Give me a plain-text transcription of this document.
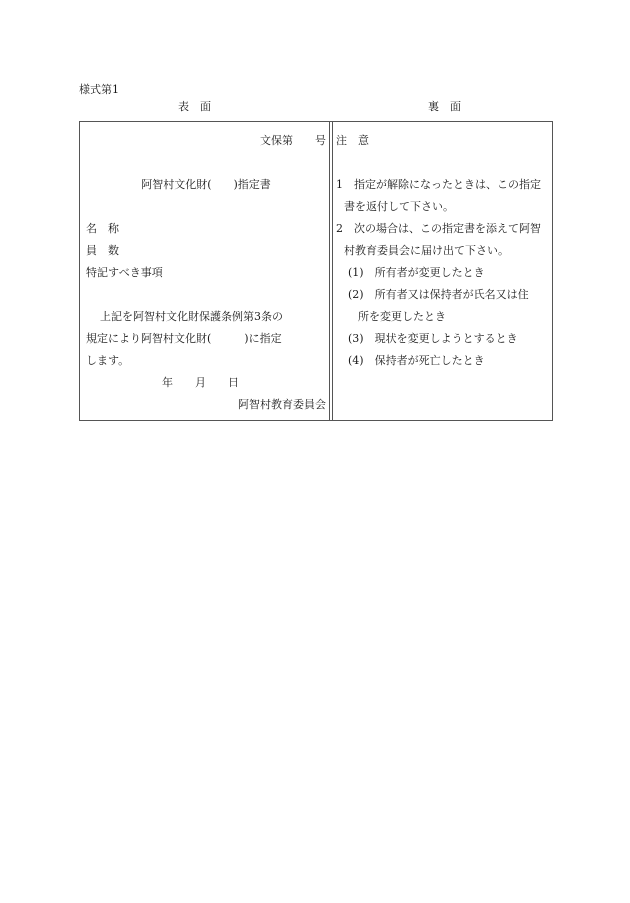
様式第1
表　面	裏　面
文保第　　号
阿智村文化財(　　)指定書
名　称
員　数
特記すべき事項
上記を阿智村文化財保護条例第3条の
規定により阿智村文化財(　　　)に指定
します。
年　　月　　日
阿智村教育委員会
注　意
1　指定が解除になったときは、この指定
書を返付して下さい。
2　次の場合は、この指定書を添えて阿智
村教育委員会に届け出て下さい。
(1)　所有者が変更したとき
(2)　所有者又は保持者が氏名又は住
所を変更したとき
(3)　現状を変更しようとするとき
(4)　保持者が死亡したとき
